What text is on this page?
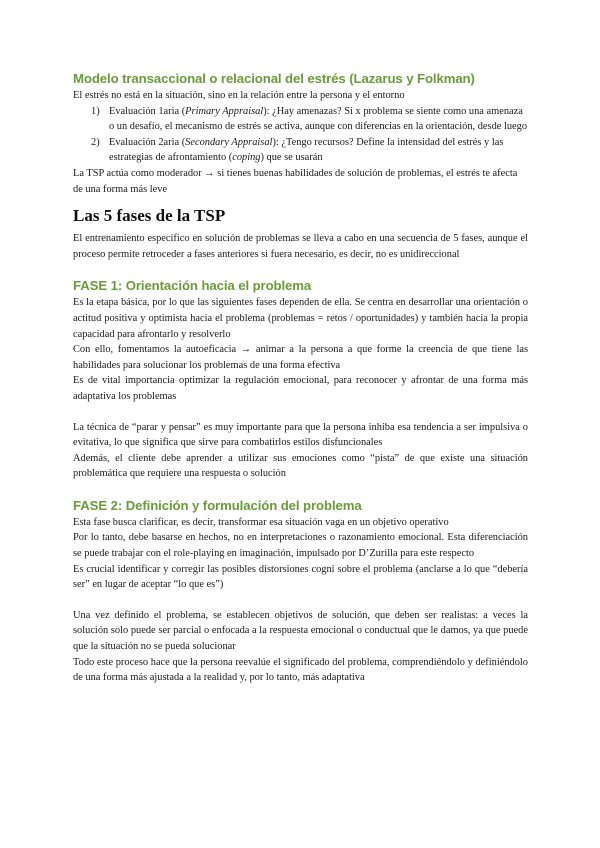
Modelo transaccional o relacional del estrés (Lazarus y Folkman)

El estrés no está en la situación, sino en la relación entre la persona y el entorno

1) Evaluación 1aria (Primary Appraisal): ¿Hay amenazas? Si x problema se siente como una amenaza o un desafío, el mecanismo de estrés se activa, aunque con diferencias en la orientación, desde luego
2) Evaluación 2aria (Secondary Appraisal): ¿Tengo recursos? Define la intensidad del estrés y las estrategias de afrontamiento (coping) que se usarán

La TSP actúa como moderador → si tienes buenas habilidades de solución de problemas, el estrés te afecta de una forma más leve

Las 5 fases de la TSP

El entrenamiento específico en solución de problemas se lleva a cabo en una secuencia de 5 fases, aunque el proceso permite retroceder a fases anteriores si fuera necesario, es decir, no es unidireccional

FASE 1: Orientación hacia el problema

Es la etapa básica, por lo que las siguientes fases dependen de ella. Se centra en desarrollar una orientación o actitud positiva y optimista hacia el problema (problemas = retos / oportunidades) y también hacia la propia capacidad para afrontarlo y resolverlo

Con ello, fomentamos la autoeficacia → animar a la persona a que forme la creencia de que tiene las habilidades para solucionar los problemas de una forma efectiva

Es de vital importancia optimizar la regulación emocional, para reconocer y afrontar de una forma más adaptativa los problemas

La técnica de “parar y pensar” es muy importante para que la persona inhiba esa tendencia a ser impulsiva o evitativa, lo que significa que sirve para combatirlos estilos disfuncionales

Además, el cliente debe aprender a utilizar sus emociones como “pista” de que existe una situación problemática que requiere una respuesta o solución

FASE 2: Definición y formulación del problema

Esta fase busca clarificar, es decir, transformar esa situación vaga en un objetivo operativo

Por lo tanto, debe basarse en hechos, no en interpretaciones o razonamiento emocional. Esta diferenciación se puede trabajar con el role-playing en imaginación, impulsado por D’Zurilla para este respecto

Es crucial identificar y corregir las posibles distorsiones cogni sobre el problema (anclarse a lo que “debería ser” en lugar de aceptar “lo que es”)

Una vez definido el problema, se establecen objetivos de solución, que deben ser realistas: a veces la solución solo puede ser parcial o enfocada a la respuesta emocional o conductual que le damos, ya que puede que la situación no se pueda solucionar

Todo este proceso hace que la persona reevalúe el significado del problema, comprendiéndolo y definiéndolo de una forma más ajustada a la realidad y, por lo tanto, más adaptativa
